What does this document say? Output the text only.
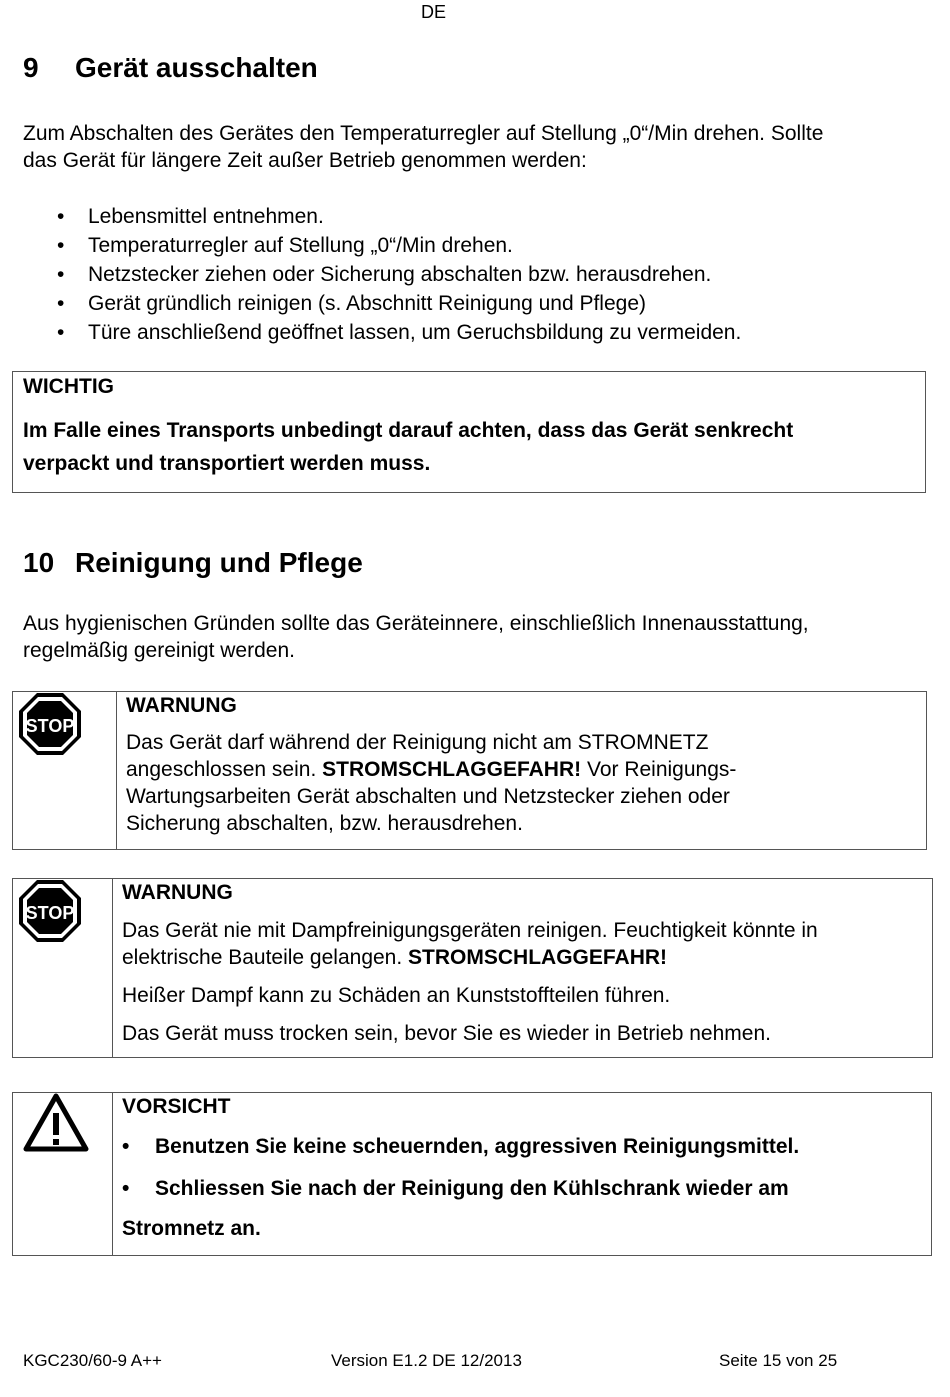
DE
9 Gerät ausschalten
Zum Abschalten des Gerätes den Temperaturregler auf Stellung „0“/Min drehen. Sollte
das Gerät für längere Zeit außer Betrieb genommen werden:
• Lebensmittel entnehmen.
• Temperaturregler auf Stellung „0“/Min drehen.
• Netzstecker ziehen oder Sicherung abschalten bzw. herausdrehen.
• Gerät gründlich reinigen (s. Abschnitt Reinigung und Pflege)
• Türe anschließend geöffnet lassen, um Geruchsbildung zu vermeiden.
WICHTIG
Im Falle eines Transports unbedingt darauf achten, dass das Gerät senkrecht
verpackt und transportiert werden muss.
10 Reinigung und Pflege
Aus hygienischen Gründen sollte das Geräteinnere, einschließlich Innenausstattung,
regelmäßig gereinigt werden.
STOP
WARNUNG
Das Gerät darf während der Reinigung nicht am STROMNETZ
angeschlossen sein. STROMSCHLAGGEFAHR! Vor Reinigungs-
Wartungsarbeiten Gerät abschalten und Netzstecker ziehen oder
Sicherung abschalten, bzw. herausdrehen.
STOP
WARNUNG
Das Gerät nie mit Dampfreinigungsgeräten reinigen. Feuchtigkeit könnte in
elektrische Bauteile gelangen. STROMSCHLAGGEFAHR!
Heißer Dampf kann zu Schäden an Kunststoffteilen führen.
Das Gerät muss trocken sein, bevor Sie es wieder in Betrieb nehmen.
VORSICHT
• Benutzen Sie keine scheuernden, aggressiven Reinigungsmittel.
• Schliessen Sie nach der Reinigung den Kühlschrank wieder am
Stromnetz an.
KGC230/60-9 A++	Version E1.2 DE 12/2013	Seite 15 von 25
